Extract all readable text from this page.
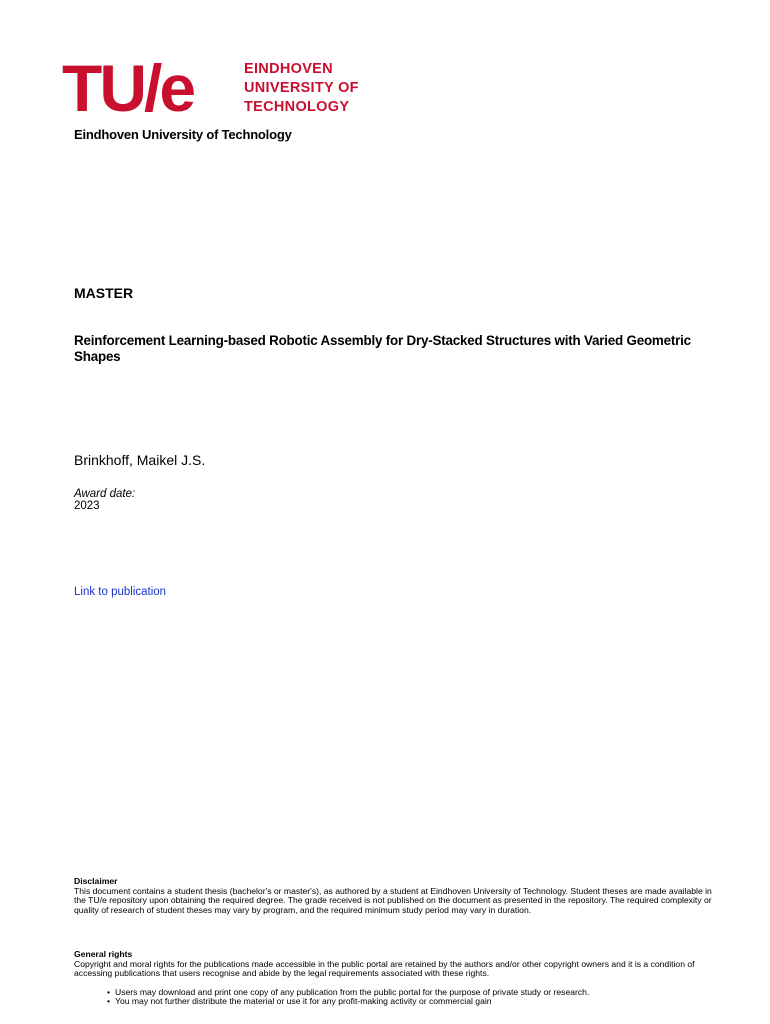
TU/e	EINDHOVEN
UNIVERSITY OF
TECHNOLOGY
Eindhoven University of Technology
MASTER
Reinforcement Learning-based Robotic Assembly for Dry-Stacked Structures with Varied Geometric Shapes
Brinkhoff, Maikel J.S.
Award date:
2023
Link to publication
Disclaimer
This document contains a student thesis (bachelor's or master's), as authored by a student at Eindhoven University of Technology. Student theses are made available in the TU/e repository upon obtaining the required degree. The grade received is not published on the document as presented in the repository. The required complexity or quality of research of student theses may vary by program, and the required minimum study period may vary in duration.
General rights
Copyright and moral rights for the publications made accessible in the public portal are retained by the authors and/or other copyright owners and it is a condition of accessing publications that users recognise and abide by the legal requirements associated with these rights.
• Users may download and print one copy of any publication from the public portal for the purpose of private study or research.
• You may not further distribute the material or use it for any profit-making activity or commercial gain
